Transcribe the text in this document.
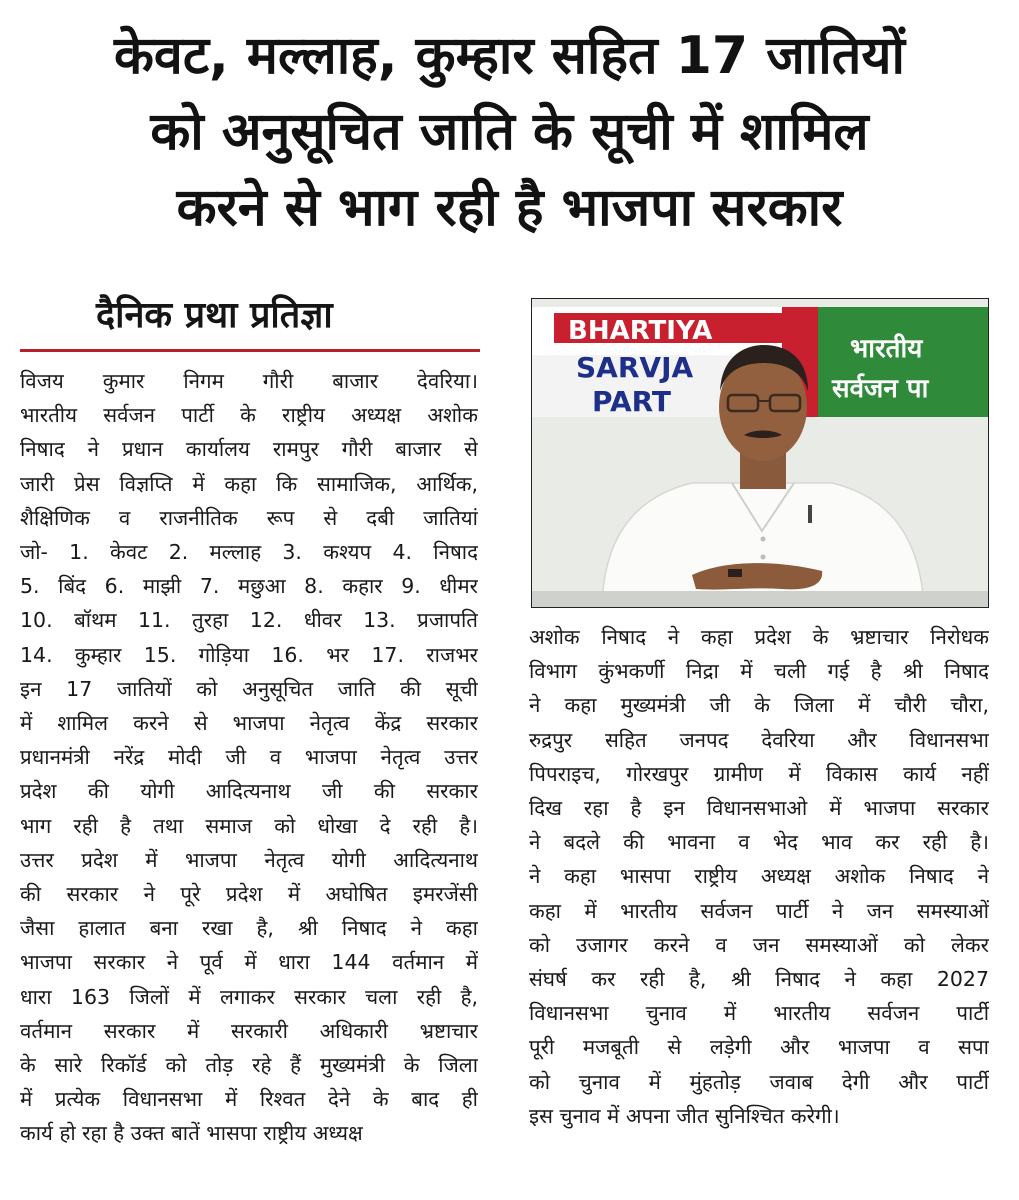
केवट, मल्लाह, कुम्हार सहित 17 जातियों
को अनुसूचित जाति के सूची में शामिल
करने से भाग रही है भाजपा सरकार
दैनिक प्रथा प्रतिज्ञा
विजय कुमार निगम गौरी बाजार देवरिया।
भारतीय सर्वजन पार्टी के राष्ट्रीय अध्यक्ष अशोक
निषाद ने प्रधान कार्यालय रामपुर गौरी बाजार से
जारी प्रेस विज्ञप्ति में कहा कि सामाजिक, आर्थिक,
शैक्षिणिक व राजनीतिक रूप से दबी जातियां
जो- 1. केवट 2. मल्लाह 3. कश्यप 4. निषाद
5. बिंद 6. माझी 7. मछुआ 8. कहार 9. धीमर
10. बॉथम 11. तुरहा 12. धीवर 13. प्रजापति
14. कुम्हार 15. गोड़िया 16. भर 17. राजभर
इन 17 जातियों को अनुसूचित जाति की सूची
में शामिल करने से भाजपा नेतृत्व केंद्र सरकार
प्रधानमंत्री नरेंद्र मोदी जी व भाजपा नेतृत्व उत्तर
प्रदेश की योगी आदित्यनाथ जी की सरकार
भाग रही है तथा समाज को धोखा दे रही है।
उत्तर प्रदेश में भाजपा नेतृत्व योगी आदित्यनाथ
की सरकार ने पूरे प्रदेश में अघोषित इमरजेंसी
जैसा हालात बना रखा है, श्री निषाद ने कहा
भाजपा सरकार ने पूर्व में धारा 144 वर्तमान में
धारा 163 जिलों में लगाकर सरकार चला रही है,
वर्तमान सरकार में सरकारी अधिकारी भ्रष्टाचार
के सारे रिकॉर्ड को तोड़ रहे हैं मुख्यमंत्री के जिला
में प्रत्येक विधानसभा में रिश्वत देने के बाद ही
कार्य हो रहा है उक्त बातें भासपा राष्ट्रीय अध्यक्ष
BHARTIYA
SARVJA
PART
भारतीय
सर्वजन पा
अशोक निषाद ने कहा प्रदेश के भ्रष्टाचार निरोधक
विभाग कुंभकर्णी निद्रा में चली गई है श्री निषाद
ने कहा मुख्यमंत्री जी के जिला में चौरी चौरा,
रुद्रपुर सहित जनपद देवरिया और विधानसभा
पिपराइच, गोरखपुर ग्रामीण में विकास कार्य नहीं
दिख रहा है इन विधानसभाओ में भाजपा सरकार
ने बदले की भावना व भेद भाव कर रही है।
ने कहा भासपा राष्ट्रीय अध्यक्ष अशोक निषाद ने
कहा में भारतीय सर्वजन पार्टी ने जन समस्याओं
को उजागर करने व जन समस्याओं को लेकर
संघर्ष कर रही है, श्री निषाद ने कहा 2027
विधानसभा चुनाव में भारतीय सर्वजन पार्टी
पूरी मजबूती से लड़ेगी और भाजपा व सपा
को चुनाव में मुंहतोड़ जवाब देगी और पार्टी
इस चुनाव में अपना जीत सुनिश्चित करेगी।
